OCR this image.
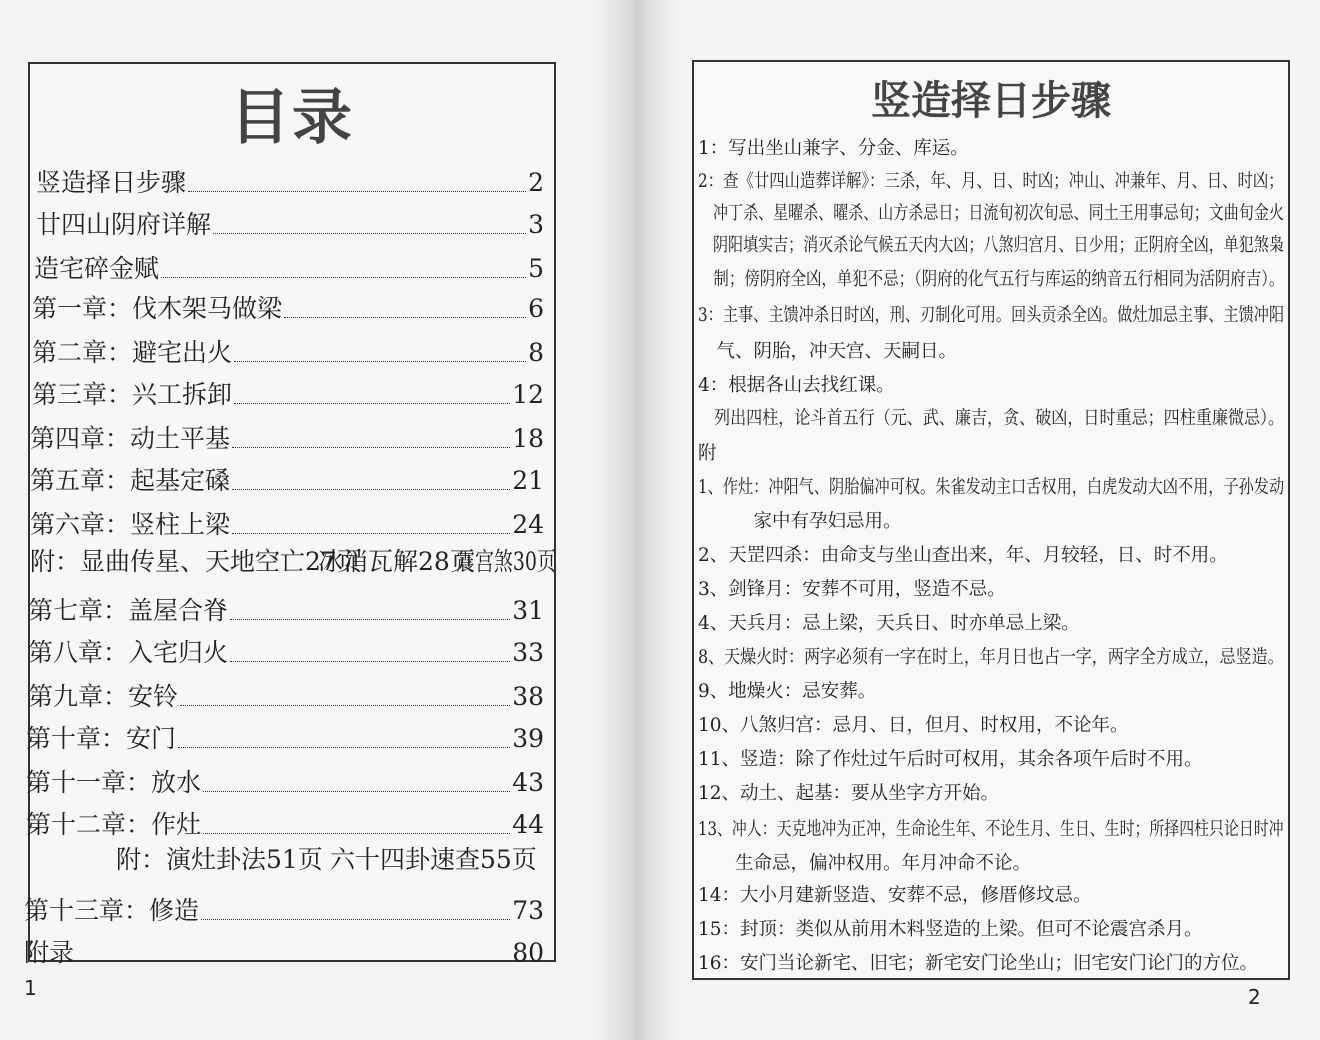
目录
竖造择日步骤	2
廿四山阴府详解	3
造宅碎金赋	5
第一章：伐木架马做梁	6
第二章：避宅出火	8
第三章：兴工拆卸	12
第四章：动土平基	18
第五章：起基定磉	21
第六章：竖柱上梁	24
第七章：盖屋合脊	31
第八章：入宅归火	33
第九章：安铃	38
第十章：安门	39
第十一章：放水	43
第十二章：作灶	44
第十三章：修造	73
附录	80
附：显曲传星、天地空亡27页
冰消瓦解28页
震宫煞30页
附：演灶卦法51页 六十四卦速查55页
1
竖造择日步骤
1：写出坐山兼字、分金、库运。
2：查《廿四山造葬详解》：三杀，年、月、日、时凶；冲山、冲兼年、月、日、时凶；
　冲丁杀、星曜杀、曜杀、山方杀忌日；日流旬初次旬忌、同土王用事忌旬；文曲旬金火
　阴阳填实吉；消灭杀论气候五天内大凶；八煞归宫月、日少用；正阴府全凶，单犯煞枭
　制；傍阴府全凶，单犯不忌；（阴府的化气五行与库运的纳音五行相同为活阴府吉）。
3：主事、主馈冲杀日时凶，刑、刃制化可用。回头贡杀全凶。做灶加忌主事、主馈冲阳
　气、阴胎，冲天宫、天嗣日。
4：根据各山去找红课。
　列出四柱，论斗首五行（元、武、廉吉，贪、破凶，日时重忌；四柱重廉微忌）。
附
1、作灶：冲阳气、阴胎偏冲可权。朱雀发动主口舌权用，白虎发动大凶不用，子孙发动
　　　家中有孕妇忌用。
2、天罡四杀：由命支与坐山查出来，年、月较轻，日、时不用。
3、剑锋月：安葬不可用，竖造不忌。
4、天兵月：忌上梁，天兵日、时亦单忌上梁。
8、天燥火时：两字必须有一字在时上，年月日也占一字，两字全方成立，忌竖造。
9、地燥火：忌安葬。
10、八煞归宫：忌月、日，但月、时权用，不论年。
11、竖造：除了作灶过午后时可权用，其余各项午后时不用。
12、动土、起基：要从坐字方开始。
13、冲人：天克地冲为正冲，生命论生年、不论生月、生日、生时；所择四柱只论日时冲
　　生命忌，偏冲权用。年月冲命不论。
14：大小月建新竖造、安葬不忌，修厝修坟忌。
15：封顶：类似从前用木料竖造的上梁。但可不论震宫杀月。
16：安门当论新宅、旧宅；新宅安门论坐山；旧宅安门论门的方位。
2
